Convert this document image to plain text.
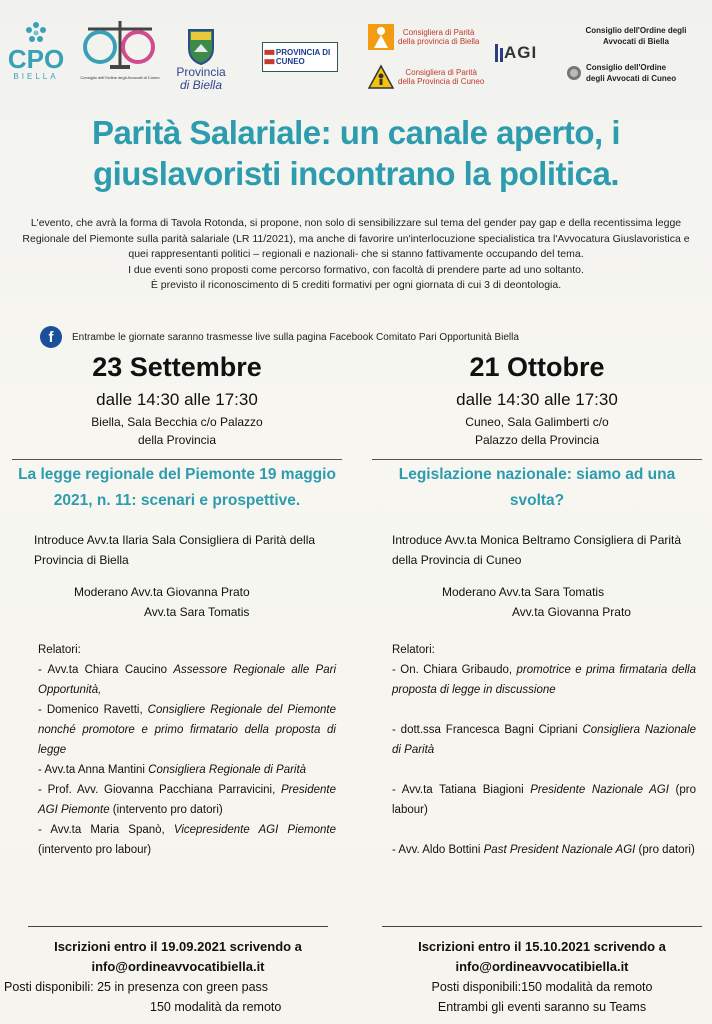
CPO
BIELLA	Consiglio dell'Ordine degli Avvocati di Cuneo Provincia
di Biella
PROVINCIA DI CUNEO
Consigliera di Parità
della provincia di Biella
Consigliera di Parità
della Provincia di Cuneo
AGI
Consiglio dell'Ordine degli
Avvocati di Biella
Consiglio dell'Ordine
degli Avvocati di Cuneo
Parità Salariale: un canale aperto, i
giuslavoristi incontrano la politica.
L'evento, che avrà la forma di Tavola Rotonda, si propone, non solo di sensibilizzare sul tema del gender pay gap e della recentissima legge Regionale del Piemonte sulla parità salariale (LR 11/2021), ma anche di favorire un'interlocuzione specialistica tra l'Avvocatura Giuslavoristica e quei rappresentanti politici – regionali e nazionali- che si stanno fattivamente occupando del tema.
I due eventi sono proposti come percorso formativo, con facoltà di prendere parte ad uno soltanto.
È previsto il riconoscimento di 5 crediti formativi per ogni giornata di cui 3 di deontologia.
f	Entrambe le giornate saranno trasmesse live sulla pagina Facebook Comitato Pari Opportunità Biella
23 Settembre
dalle 14:30 alle 17:30
Biella, Sala Becchia c/o Palazzo
della Provincia
La legge regionale del Piemonte 19 maggio
2021, n. 11: scenari e prospettive.
Introduce Avv.ta Ilaria Sala Consigliera di Parità della Provincia di Biella
Moderano Avv.ta Giovanna Prato
Avv.ta Sara Tomatis
Relatori:
- Avv.ta Chiara Caucino Assessore Regionale alle Pari Opportunità,
- Domenico Ravetti, Consigliere Regionale del Piemonte nonché promotore e primo firmatario della proposta di legge
- Avv.ta Anna Mantini Consigliera Regionale di Parità
- Prof. Avv. Giovanna Pacchiana Parravicini, Presidente AGI Piemonte (intervento pro datori)
- Avv.ta Maria Spanò, Vicepresidente AGI Piemonte (intervento pro labour)
21 Ottobre
dalle 14:30 alle 17:30
Cuneo, Sala Galimberti c/o
Palazzo della Provincia
Legislazione nazionale: siamo ad una
svolta?
Introduce Avv.ta Monica Beltramo Consigliera di Parità della Provincia di Cuneo
Moderano Avv.ta Sara Tomatis
Avv.ta Giovanna Prato
Relatori:
- On. Chiara Gribaudo, promotrice e prima firmataria della proposta di legge in discussione
- dott.ssa Francesca Bagni Cipriani Consigliera Nazionale di Parità
- Avv.ta Tatiana Biagioni Presidente Nazionale AGI (pro labour)
- Avv. Aldo Bottini Past President Nazionale AGI (pro datori)
Iscrizioni entro il 19.09.2021 scrivendo a
info@ordineavvocatibiella.it
Posti disponibili: 25 in presenza con green pass
150 modalità da remoto
Iscrizioni entro il 15.10.2021 scrivendo a
info@ordineavvocatibiella.it
Posti disponibili:150 modalità da remoto
Entrambi gli eventi saranno su Teams
